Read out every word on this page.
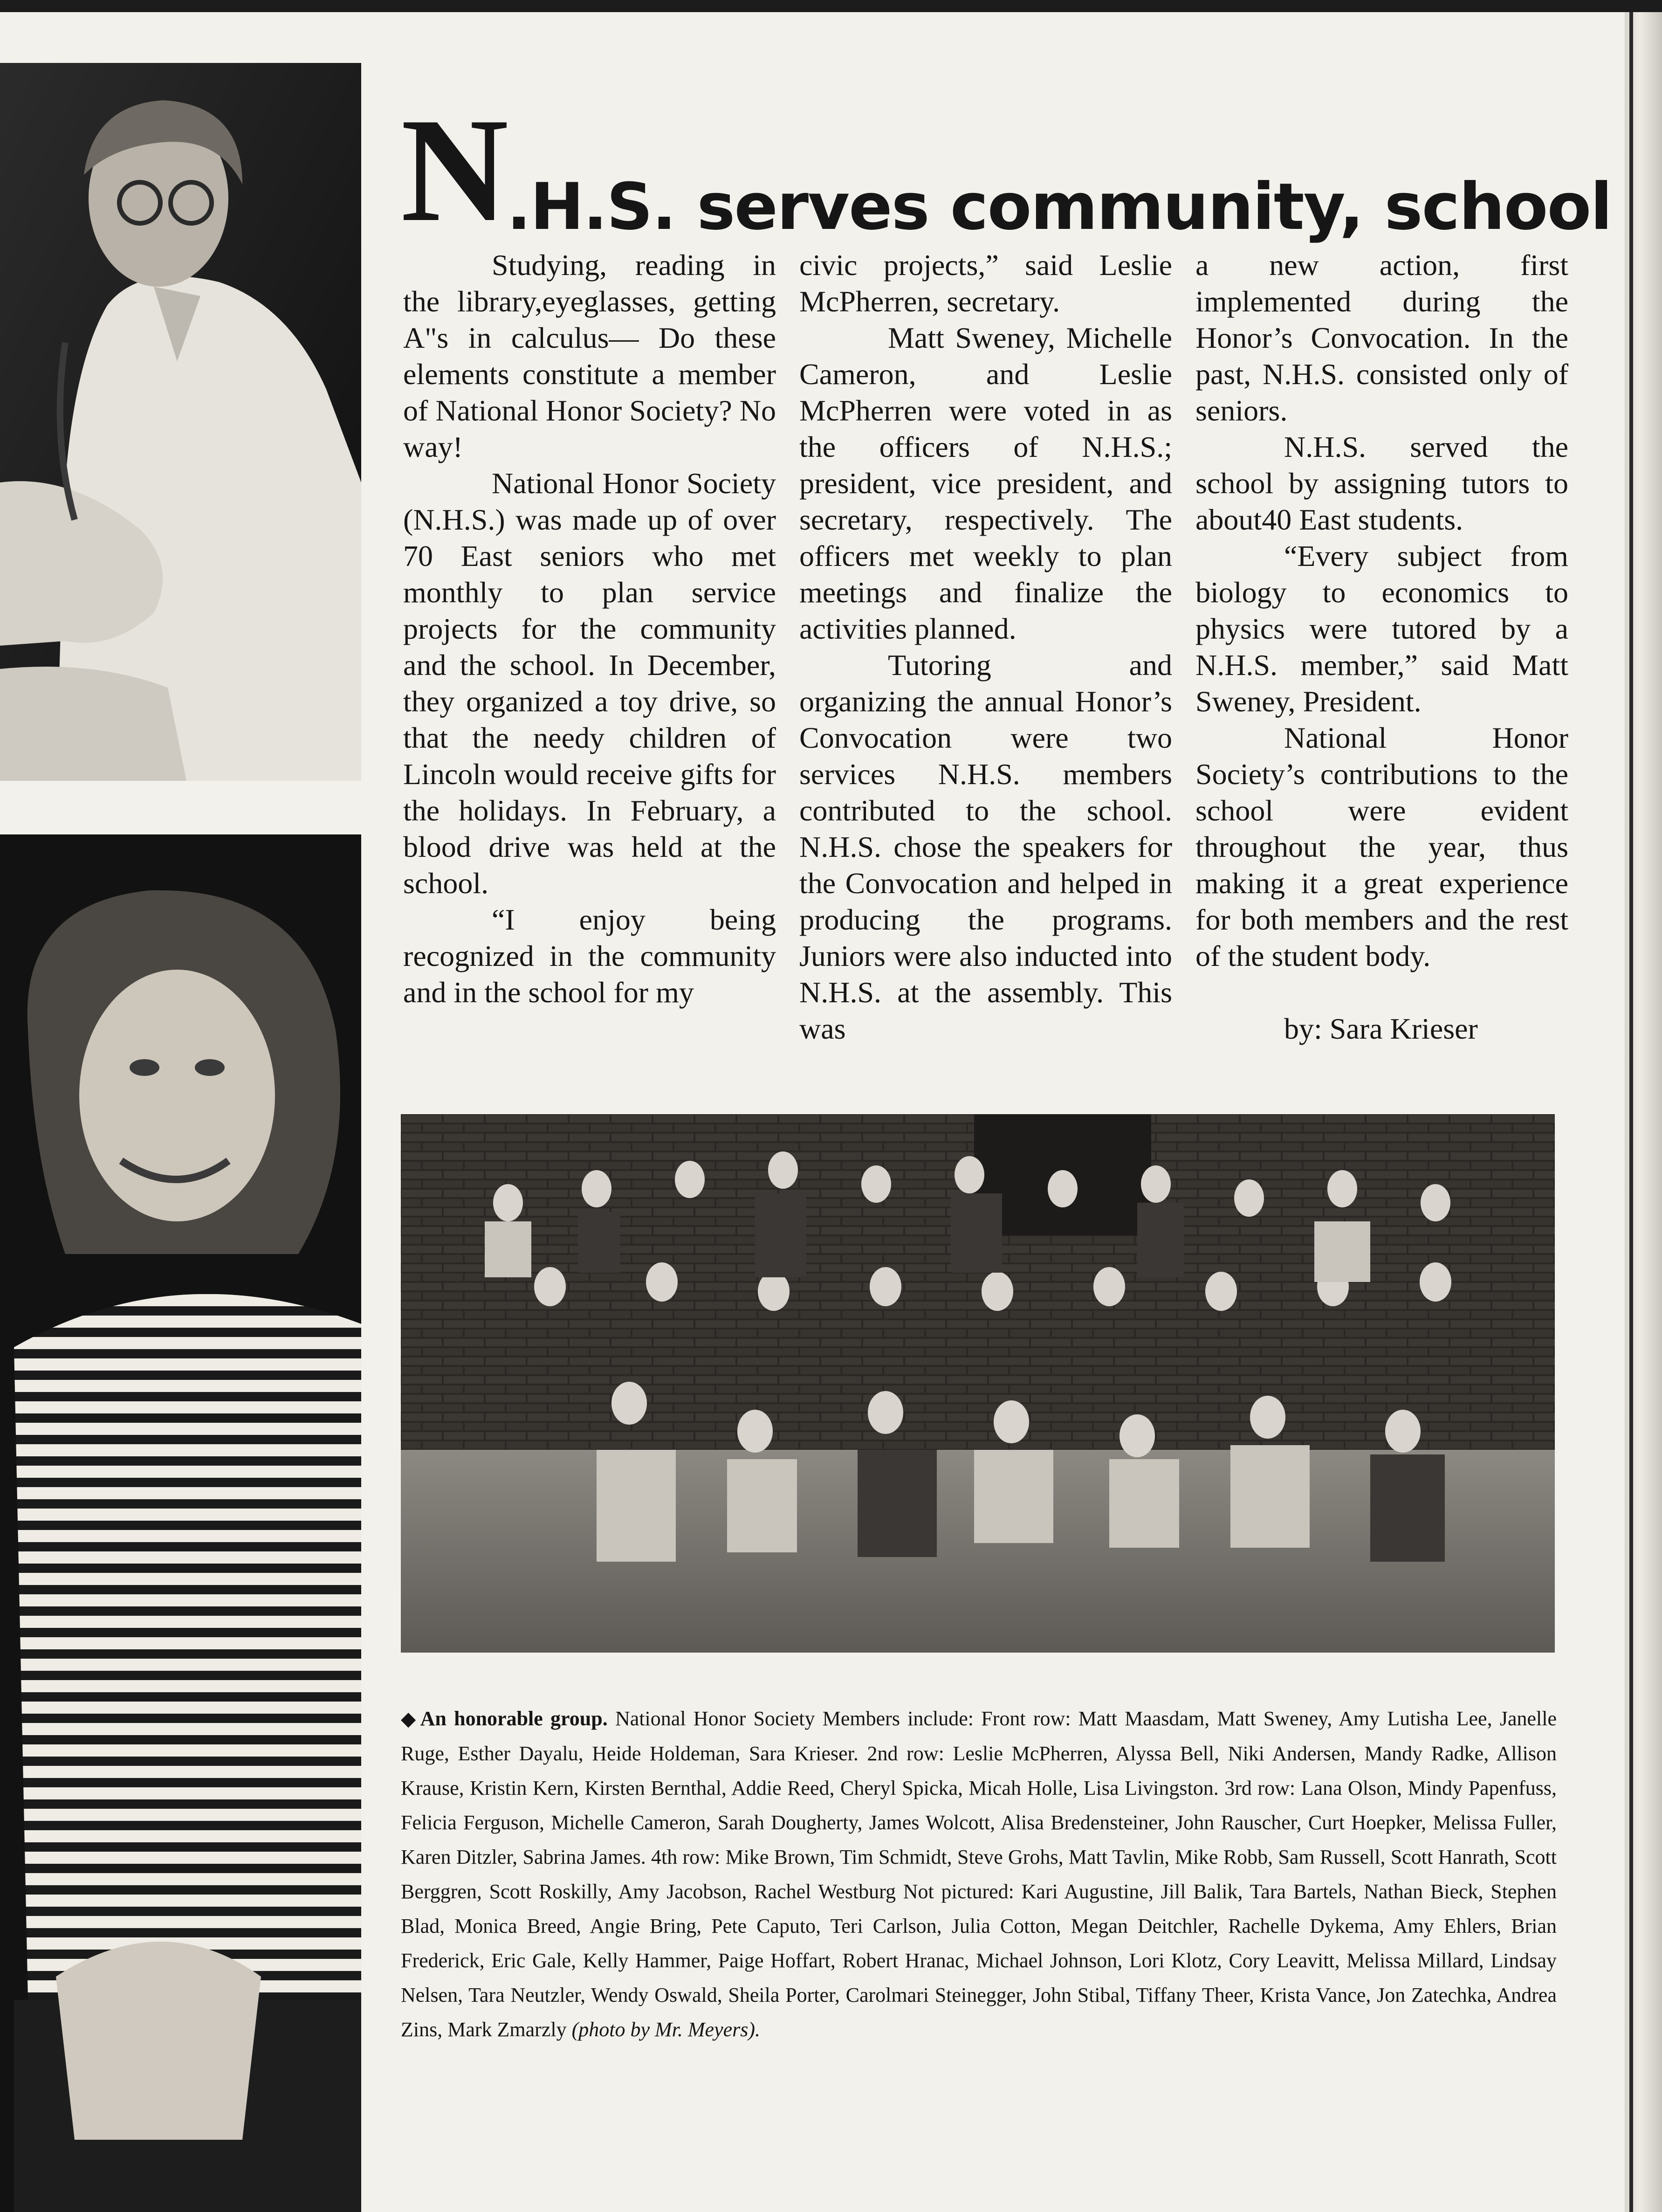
N.H.S. serves community, school

Studying, reading in the library,eyeglasses, getting A"s in calculus— Do these elements constitute a member of National Honor Society? No way!

National Honor Society (N.H.S.) was made up of over 70 East seniors who met monthly to plan service projects for the community and the school. In December, they organized a toy drive, so that the needy children of Lincoln would receive gifts for the holidays. In February, a blood drive was held at the school.

“I enjoy being recognized in the community and in the school for my

civic projects,” said Leslie McPherren, secretary.

Matt Sweney, Michelle Cameron, and Leslie McPherren were voted in as the officers of N.H.S.; president, vice president, and secretary, respectively. The officers met weekly to plan meetings and finalize the activities planned.

Tutoring and organizing the annual Honor’s Convocation were two services N.H.S. members contributed to the school. N.H.S. chose the speakers for the Convocation and helped in producing the programs. Juniors were also inducted into N.H.S. at the assembly. This was

a new action, first implemented during the Honor’s Convocation. In the past, N.H.S. consisted only of seniors.

N.H.S. served the school by assigning tutors to about40 East students.

“Every subject from biology to economics to physics were tutored by a N.H.S. member,” said Matt Sweney, President.

National Honor Society’s contributions to the school were evident throughout the year, thus making it a great experience for both members and the rest of the student body.

by: Sara Krieser

◆An honorable group. National Honor Society Members include: Front row: Matt Maasdam, Matt Sweney, Amy Lutisha Lee, Janelle Ruge, Esther Dayalu, Heide Holdeman, Sara Krieser. 2nd row: Leslie McPherren, Alyssa Bell, Niki Andersen, Mandy Radke, Allison Krause, Kristin Kern, Kirsten Bernthal, Addie Reed, Cheryl Spicka, Micah Holle, Lisa Livingston. 3rd row: Lana Olson, Mindy Papenfuss, Felicia Ferguson, Michelle Cameron, Sarah Dougherty, James Wolcott, Alisa Bredensteiner, John Rauscher, Curt Hoepker, Melissa Fuller, Karen Ditzler, Sabrina James. 4th row: Mike Brown, Tim Schmidt, Steve Grohs, Matt Tavlin, Mike Robb, Sam Russell, Scott Hanrath, Scott Berggren, Scott Roskilly, Amy Jacobson, Rachel Westburg Not pictured: Kari Augustine, Jill Balik, Tara Bartels, Nathan Bieck, Stephen Blad, Monica Breed, Angie Bring, Pete Caputo, Teri Carlson, Julia Cotton, Megan Deitchler, Rachelle Dykema, Amy Ehlers, Brian Frederick, Eric Gale, Kelly Hammer, Paige Hoffart, Robert Hranac, Michael Johnson, Lori Klotz, Cory Leavitt, Melissa Millard, Lindsay Nelsen, Tara Neutzler, Wendy Oswald, Sheila Porter, Carolmari Steinegger, John Stibal, Tiffany Theer, Krista Vance, Jon Zatechka, Andrea Zins, Mark Zmarzly (photo by Mr. Meyers).
